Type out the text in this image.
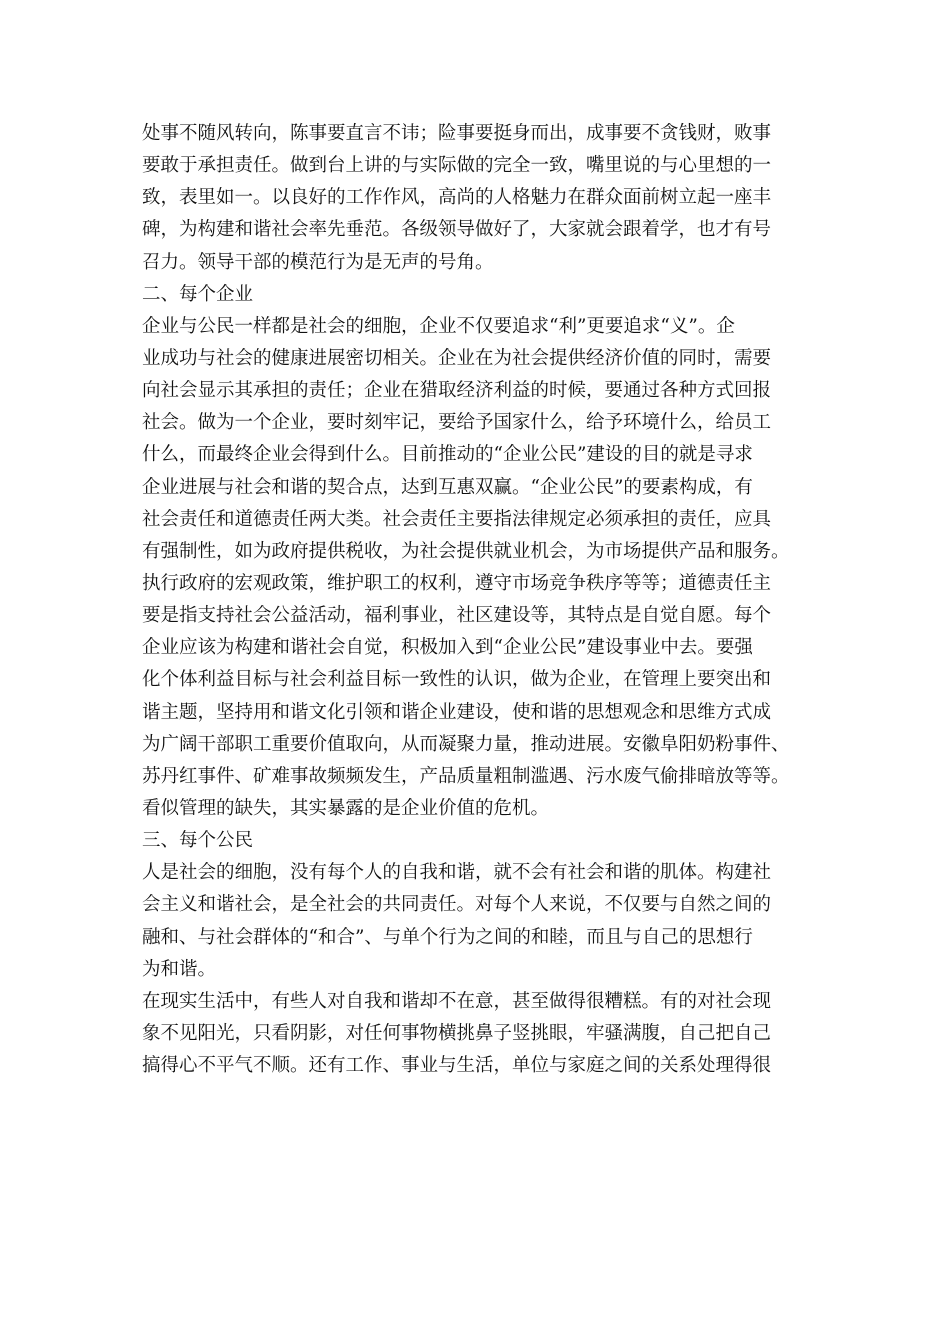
处事不随风转向，陈事要直言不讳；险事要挺身而出，成事要不贪钱财，败事
要敢于承担责任。做到台上讲的与实际做的完全一致，嘴里说的与心里想的一
致，表里如一。以良好的工作作风，高尚的人格魅力在群众面前树立起一座丰
碑，为构建和谐社会率先垂范。各级领导做好了，大家就会跟着学，也才有号
召力。领导干部的模范行为是无声的号角。
二、每个企业
企业与公民一样都是社会的细胞，企业不仅要追求“利”更要追求“义”。企
业成功与社会的健康进展密切相关。企业在为社会提供经济价值的同时，需要
向社会显示其承担的责任；企业在猎取经济利益的时候，要通过各种方式回报
社会。做为一个企业，要时刻牢记，要给予国家什么，给予环境什么，给员工
什么，而最终企业会得到什么。目前推动的“企业公民”建设的目的就是寻求
企业进展与社会和谐的契合点，达到互惠双赢。“企业公民”的要素构成，有
社会责任和道德责任两大类。社会责任主要指法律规定必须承担的责任，应具
有强制性，如为政府提供税收，为社会提供就业机会，为市场提供产品和服务。
执行政府的宏观政策，维护职工的权利，遵守市场竞争秩序等等；道德责任主
要是指支持社会公益活动，福利事业，社区建设等，其特点是自觉自愿。每个
企业应该为构建和谐社会自觉，积极加入到“企业公民”建设事业中去。要强
化个体利益目标与社会利益目标一致性的认识，做为企业，在管理上要突出和
谐主题，坚持用和谐文化引领和谐企业建设，使和谐的思想观念和思维方式成
为广阔干部职工重要价值取向，从而凝聚力量，推动进展。安徽阜阳奶粉事件、
苏丹红事件、矿难事故频频发生，产品质量粗制滥遇、污水废气偷排暗放等等。
看似管理的缺失，其实暴露的是企业价值的危机。
三、每个公民
人是社会的细胞，没有每个人的自我和谐，就不会有社会和谐的肌体。构建社
会主义和谐社会，是全社会的共同责任。对每个人来说，不仅要与自然之间的
融和、与社会群体的“和合”、与单个行为之间的和睦，而且与自己的思想行
为和谐。
在现实生活中，有些人对自我和谐却不在意，甚至做得很糟糕。有的对社会现
象不见阳光，只看阴影，对任何事物横挑鼻子竖挑眼，牢骚满腹，自己把自己
搞得心不平气不顺。还有工作、事业与生活，单位与家庭之间的关系处理得很
